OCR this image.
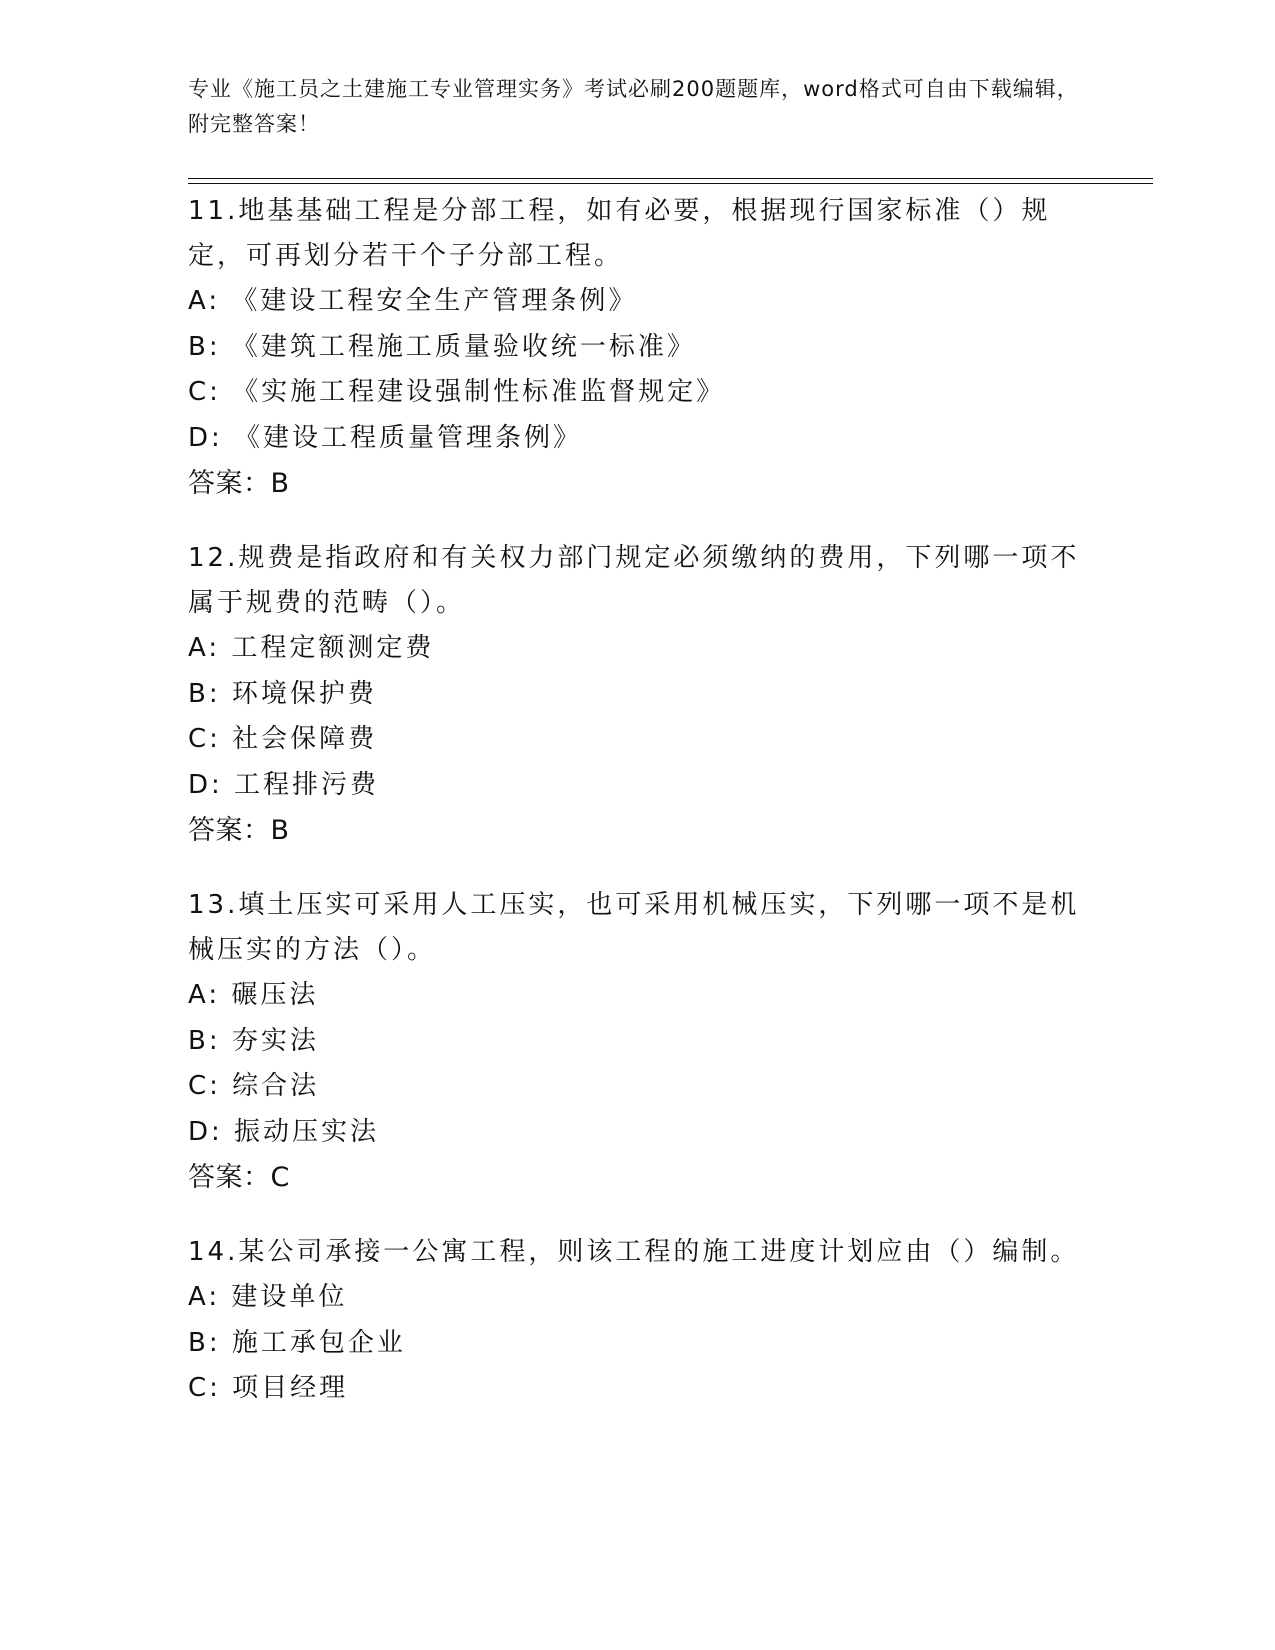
专业《施工员之土建施工专业管理实务》考试必刷200题题库，word格式可自由下载编辑，附完整答案！
11.地基基础工程是分部工程，如有必要，根据现行国家标准（）规定，可再划分若干个子分部工程。
A: 《建设工程安全生产管理条例》
B: 《建筑工程施工质量验收统一标准》
C: 《实施工程建设强制性标准监督规定》
D: 《建设工程质量管理条例》
答案：B
12.规费是指政府和有关权力部门规定必须缴纳的费用，下列哪一项不属于规费的范畴（）。
A: 工程定额测定费
B: 环境保护费
C: 社会保障费
D: 工程排污费
答案：B
13.填土压实可采用人工压实，也可采用机械压实，下列哪一项不是机械压实的方法（）。
A: 碾压法
B: 夯实法
C: 综合法
D: 振动压实法
答案：C
14.某公司承接一公寓工程，则该工程的施工进度计划应由（）编制。
A: 建设单位
B: 施工承包企业
C: 项目经理
